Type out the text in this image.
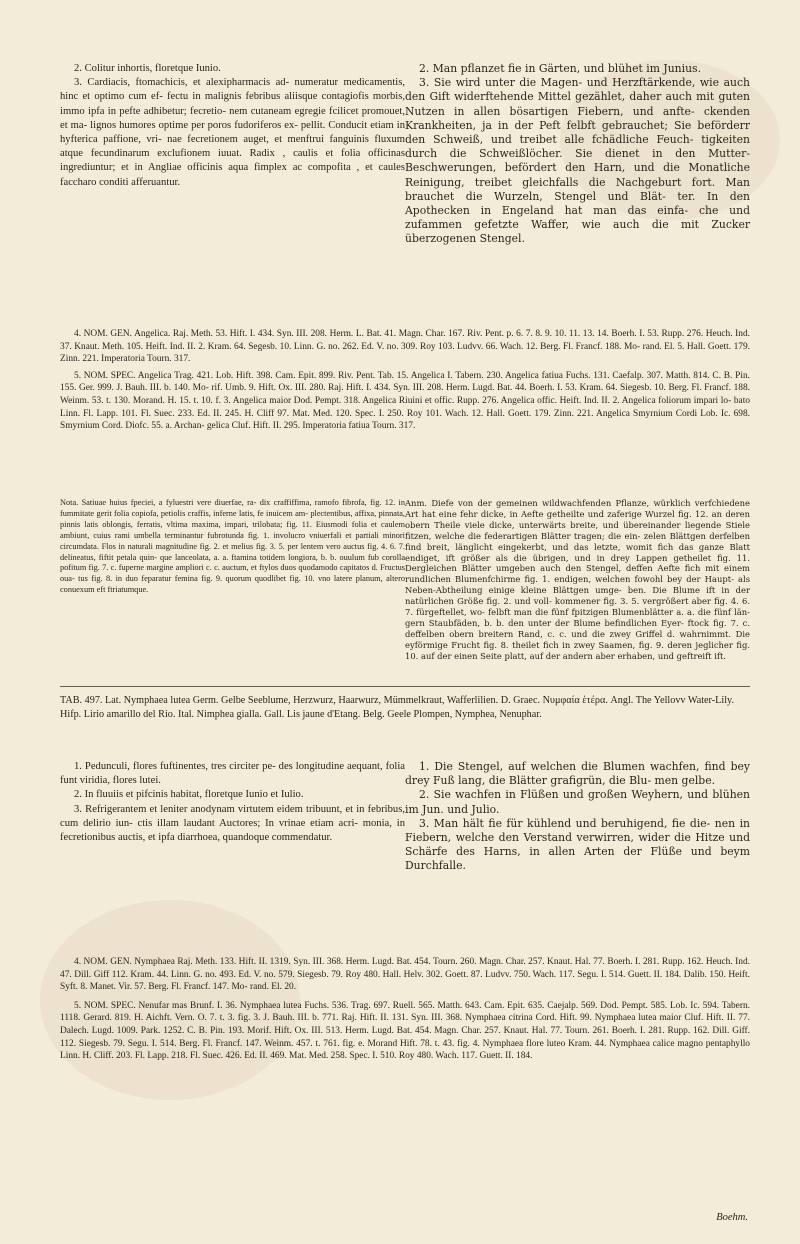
2. Colitur inhortis, floretque Iunio.

3. Cardiacis, ftomachicis, et alexipharmacis ad- numeratur medicamentis, hinc et optimo cum ef- fectu in malignis febribus aliisque contagiofis morbis, immo ipfa in pefte adhibetur; fecretio- nem cutaneam egregie fcilicet promouet, et ma- lignos humores optime per poros fudoriferos ex- pellit. Conducit etiam in hyfterica paffione, vri- nae fecretionem auget, et menftrui fanguinis fluxum atque fecundinarum exclufionem iuuat. Radix , caulis et folia officinas ingrediuntur; et in Angliae officinis aqua fimplex ac compofita , et caules faccharo conditi afferuantur.

2. Man pflanzet fie in Gärten, und blühet im Junius.

3. Sie wird unter die Magen- und Herzftärkende, wie auch den Gift widerftehende Mittel gezählet, daher auch mit guten Nutzen in allen bösartigen Fiebern, und anfte- ckenden Krankheiten, ja in der Peft felbft gebrauchet; Sie beförderr den Schweiß, und treibet alle fchädliche Feuch- tigkeiten durch die Schweißlöcher. Sie dienet in den Mutter-Beschwerungen, befördert den Harn, und die Monatliche Reinigung, treibet gleichfalls die Nachgeburt fort. Man brauchet die Wurzeln, Stengel und Blät- ter. In den Apothecken in Engeland hat man das einfa- che und zufammen gefetzte Waffer, wie auch die mit Zucker überzogenen Stengel.

4. NOM. GEN. Angelica. Raj. Meth. 53. Hift. I. 434. Syn. III. 208. Herm. L. Bat. 41. Magn. Char. 167. Riv. Pent. p. 6. 7. 8. 9. 10. 11. 13. 14. Boerh. I. 53. Rupp. 276. Heuch. Ind. 37. Knaut. Meth. 105. Heift. Ind. II. 2. Kram. 64. Segesb. 10. Linn. G. no. 262. Ed. V. no. 309. Roy 103. Ludvv. 66. Wach. 12. Berg. Fl. Francf. 188. Mo- rand. El. 5. Hall. Goett. 179. Zinn. 221. Imperatoria Tourn. 317.

5. NOM. SPEC. Angelica Trag. 421. Lob. Hift. 398. Cam. Epit. 899. Riv. Pent. Tab. 15. Angelica I. Tabern. 230. Angelica fatiua Fuchs. 131. Caefalp. 307. Matth. 814. C. B. Pin. 155. Ger. 999. J. Bauh. III. b. 140. Mo- rif. Umb. 9. Hift. Ox. III. 280. Raj. Hift. I. 434. Syn. III. 208. Herm. Lugd. Bat. 44. Boerh. I. 53. Kram. 64. Siegesb. 10. Berg. Fl. Francf. 188. Weinm. 53. t. 130. Morand. H. 15. t. 10. f. 3. Angelica maior Dod. Pempt. 318. Angelica Riuini et offic. Rupp. 276. Angelica offic. Heift. Ind. II. 2. Angelica foliorum impari lo- bato Linn. Fl. Lapp. 101. Fl. Suec. 233. Ed. II. 245. H. Cliff 97. Mat. Med. 120. Spec. I. 250. Roy 101. Wach. 12. Hall. Goett. 179. Zinn. 221. Angelica Smyrnium Cordi Lob. Ic. 698. Smyrnium Cord. Diofc. 55. a. Archan- gelica Cluf. Hift. II. 295. Imperatoria fatiua Tourn. 317.

Nota. Satiuae huius fpeciei, a fyluestri vere diuerfae, ra- dix craffiffima, ramofo fibrofa, fig. 12. in fummitate gerit folia copiofa, petiolis craffis, inferne latis, fe inuicem am- plectentibus, affixa, pinnata, pinnis latis oblongis, ferratis, vltima maxima, impari, trilobata; fig. 11. Eiusmodi folia et caulem ambiunt, cuius rami umbella terminantur fubrotunda fig. 1. involucro vniuerfali et partiali minori circumdata. Flos in naturali magnitudine fig. 2. et melius fig. 3. 5. per lentem vero auctus fig. 4. 6. 7. delineatus, fiftit petala quin- que lanceolata, a. a. ftamina totidem longiora, b. b. ouulum fub corolla pofitum fig. 7. c. fuperne margine ampliori c. c. auctum, et ftylos duos quodamodo capitatos d. Fructus oua- tus fig. 8. in duo feparatur femina fig. 9. quorum quodlibet fig. 10. vno latere planum, altero conuexum eft ftriatumque.

Anm. Diefe von der gemeinen wildwachfenden Pflanze, würklich verfchiedene Art hat eine fehr dicke, in Aefte getheilte und zaferige Wurzel fig. 12. an deren obern Theile viele dicke, unterwärts breite, und übereinander liegende Stiele fitzen, welche die federartigen Blätter tragen; die ein- zelen Blättgen derfelben find breit, länglicht eingekerbt, und das letzte, womit fich das ganze Blatt endiget, ift größer als die übrigen, und in drey Lappen getheilet fig. 11. Dergleichen Blätter umgeben auch den Stengel, deffen Aefte fich mit einem rundlichen Blumenfchirme fig. 1. endigen, welchen fowohl bey der Haupt- als Neben-Abtheilung einige kleine Blättgen umge- ben. Die Blume ift in der natürlichen Größe fig. 2. und voll- kommener fig. 3. 5. vergrößert aber fig. 4. 6. 7. fürgeftellet, wo- felbft man die fünf fpitzigen Blumenblätter a. a. die fünf län- gern Staubfäden, b. b. den unter der Blume befindlichen Eyer- ftock fig. 7. c. deffelben obern breitern Rand, c. c. und die zwey Griffel d. wahrnimmt. Die eyförmige Frucht fig. 8. theilet fich in zwey Saamen, fig. 9. deren jeglicher fig. 10. auf der einen Seite platt, auf der andern aber erhaben, und geftreift ift.

TAB. 497. Lat. Nymphaea lutea Germ. Gelbe Seeblume, Herzwurz, Haarwurz, Mümmelkraut, Wafferlilien. D. Graec. Νυμφαία ἑτέρα. Angl. The Yellovv Water-Lily. Hifp. Lirio amarillo del Rio. Ital. Nimphea gialla. Gall. Lis jaune d'Etang. Belg. Geele Plompen, Nymphea, Nenuphar.

1. Pedunculi, flores fuftinentes, tres circiter pe- des longitudine aequant, folia funt viridia, flores lutei.

2. In fluuiis et pifcinis habitat, floretque Iunio et Iulio.

3. Refrigerantem et leniter anodynam virtutem eidem tribuunt, et in febribus, cum delirio iun- ctis illam laudant Auctores; In vrinae etiam acri- monia, in fecretionibus auctis, et ipfa diarrhoea, quandoque commendatur.

1. Die Stengel, auf welchen die Blumen wachfen, find bey drey Fuß lang, die Blätter grafigrün, die Blu- men gelbe.

2. Sie wachfen in Flüßen und großen Weyhern, und blühen im Jun. und Julio.

3. Man hält fie für kühlend und beruhigend, fie die- nen in Fiebern, welche den Verstand verwirren, wider die Hitze und Schärfe des Harns, in allen Arten der Flüße und beym Durchfalle.

4. NOM. GEN. Nymphaea Raj. Meth. 133. Hift. II. 1319. Syn. III. 368. Herm. Lugd. Bat. 454. Tourn. 260. Magn. Char. 257. Knaut. Hal. 77. Boerh. I. 281. Rupp. 162. Heuch. Ind. 47. Dill. Giff 112. Kram. 44. Linn. G. no. 493. Ed. V. no. 579. Siegesb. 79. Roy 480. Hall. Helv. 302. Goett. 87. Ludvv. 750. Wach. 117. Segu. I. 514. Guett. II. 184. Dalib. 150. Heift. Syft. 8. Manet. Vir. 57. Berg. Fl. Francf. 147. Mo- rand. El. 20.

5. NOM. SPEC. Nenufar mas Brunf. I. 36. Nymphaea lutea Fuchs. 536. Trag. 697. Ruell. 565. Matth. 643. Cam. Epit. 635. Caejalp. 569. Dod. Pempt. 585. Lob. Ic. 594. Tabern. 1118. Gerard. 819. H. Aichft. Vern. O. 7. t. 3. fig. 3. J. Bauh. III. b. 771. Raj. Hift. II. 131. Syn. III. 368. Nymphaea citrina Cord. Hift. 99. Nymphaea lutea maior Cluf. Hift. II. 77. Dalech. Lugd. 1009. Park. 1252. C. B. Pin. 193. Morif. Hift. Ox. III. 513. Herm. Lugd. Bat. 454. Magn. Char. 257. Knaut. Hal. 77. Tourn. 261. Boerh. I. 281. Rupp. 162. Dill. Giff. 112. Siegesb. 79. Segu. I. 514. Berg. Fl. Francf. 147. Weinm. 457. t. 761. fig. e. Morand Hift. 78. t. 43. fig. 4. Nymphaea flore luteo Kram. 44. Nymphaea calice magno pentaphyllo Linn. H. Cliff. 203. Fl. Lapp. 218. Fl. Suec. 426. Ed. II. 469. Mat. Med. 258. Spec. I. 510. Roy 480. Wach. 117. Guett. II. 184.

Boehm.
